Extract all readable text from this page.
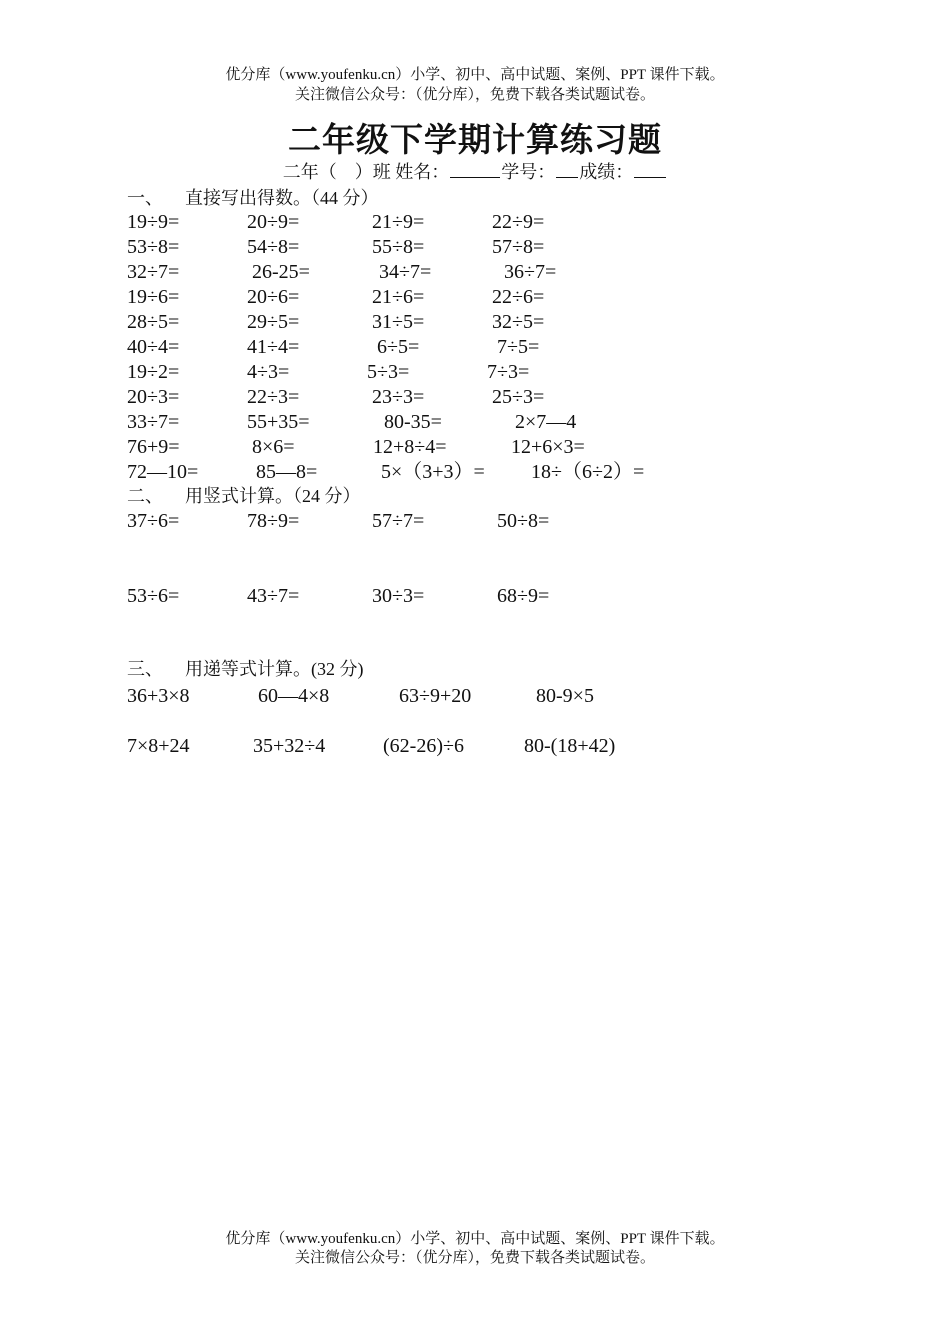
优分库（www.youfenku.cn）小学、初中、高中试题、案例、PPT 课件下载。
关注微信公众号：（优分库），免费下载各类试题试卷。
二年级下学期计算练习题
二年（　）班 姓名：	学号： 成绩：
一、 直接写出得数。（44 分）
19÷9=	20÷9=	21÷9=	22÷9=
53÷8=	54÷8=	55÷8=	57÷8=
32÷7=	26-25=	34÷7=	36÷7=
19÷6=	20÷6=	21÷6=	22÷6=
28÷5=	29÷5=	31÷5=	32÷5=
40÷4=	41÷4=	6÷5=	7÷5=
19÷2=	4÷3=	5÷3=	7÷3=
20÷3=	22÷3=	23÷3=	25÷3=
33÷7=	55+35=	80-35=	2×7—4
76+9=	8×6=	12+8÷4=	12+6×3=
72—10=	85—8=	5×（3+3）= 18÷（6÷2）=
二、 用竖式计算。（24 分）
37÷6=	78÷9=	57÷7=	50÷8=
53÷6=	43÷7=	30÷3=	68÷9=
三、 用递等式计算。(32 分)
36+3×8	60—4×8	63÷9+20	80-9×5
7×8+24	35+32÷4	(62-26)÷6	80-(18+42)
优分库（www.youfenku.cn）小学、初中、高中试题、案例、PPT 课件下载。
关注微信公众号：（优分库），免费下载各类试题试卷。
